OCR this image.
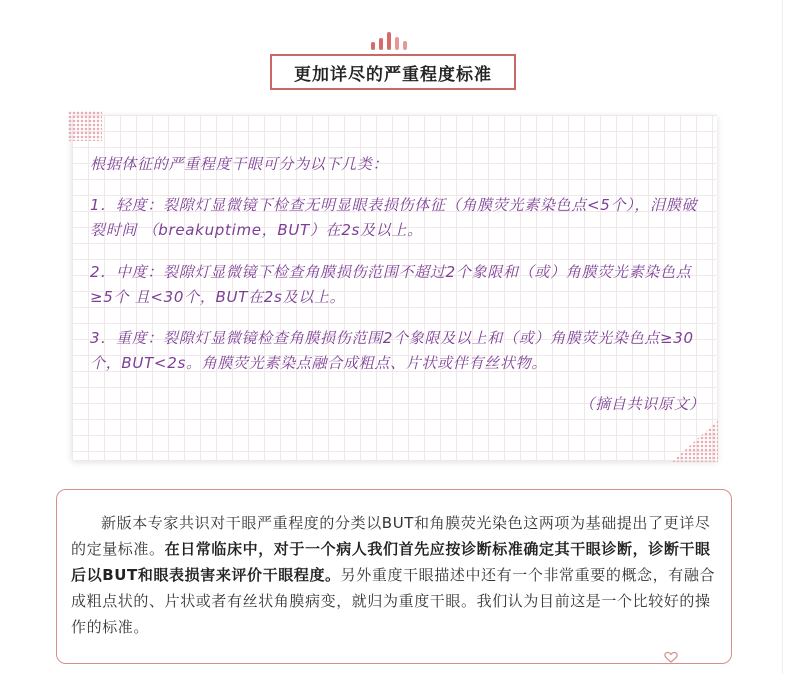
更加详尽的严重程度标准

根据体征的严重程度干眼可分为以下几类：

1．轻度：裂隙灯显微镜下检查无明显眼表损伤体征（角膜荧光素染色点<5个），泪膜破裂时间 （breakuptime，BUT）在2s及以上。

2．中度：裂隙灯显微镜下检查角膜损伤范围不超过2个象限和（或）角膜荧光素染色点≥5个 且<30个，BUT在2s及以上。

3．重度：裂隙灯显微镜检查角膜损伤范围2个象限及以上和（或）角膜荧光染色点≥30个，BUT<2s。角膜荧光素染点融合成粗点、片状或伴有丝状物。

（摘自共识原文）

新版本专家共识对干眼严重程度的分类以BUT和角膜荧光染色这两项为基础提出了更详尽的定量标准。在日常临床中，对于一个病人我们首先应按诊断标准确定其干眼诊断，诊断干眼后以BUT和眼表损害来评价干眼程度。另外重度干眼描述中还有一个非常重要的概念，有融合成粗点状的、片状或者有丝状角膜病变，就归为重度干眼。我们认为目前这是一个比较好的操作的标准。
